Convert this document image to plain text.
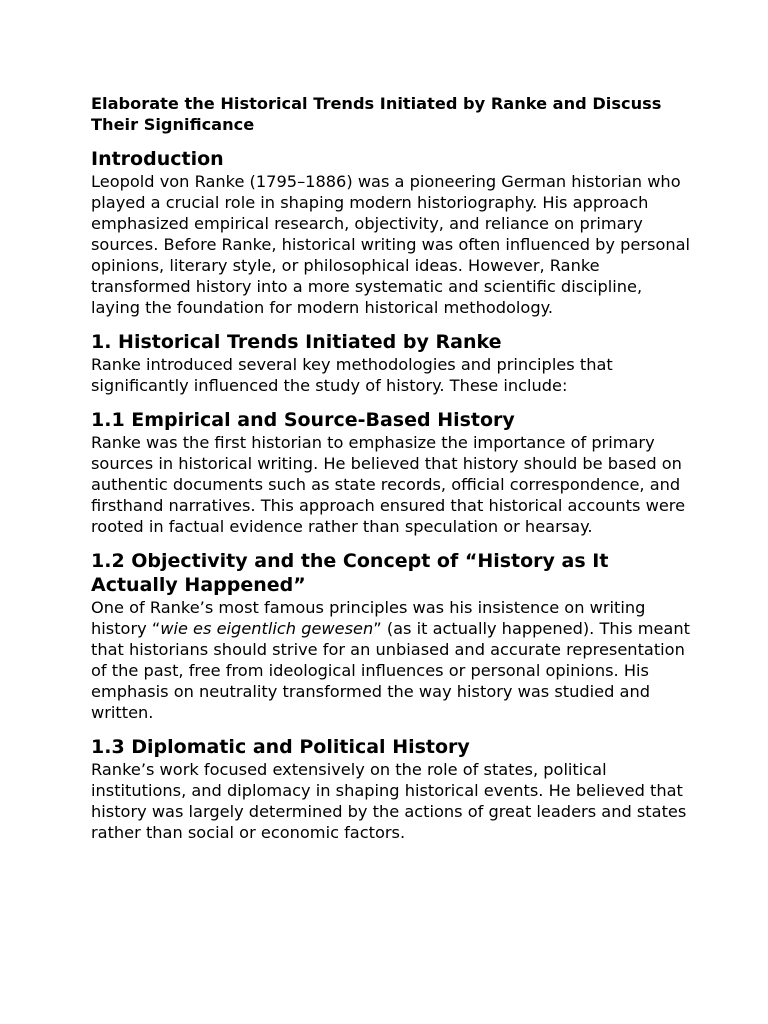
Elaborate the Historical Trends Initiated by Ranke and Discuss Their Significance
Introduction

Leopold von Ranke (1795–1886) was a pioneering German historian who played a crucial role in shaping modern historiography. His approach emphasized empirical research, objectivity, and reliance on primary sources. Before Ranke, historical writing was often influenced by personal opinions, literary style, or philosophical ideas. However, Ranke transformed history into a more systematic and scientific discipline, laying the foundation for modern historical methodology.

1. Historical Trends Initiated by Ranke

Ranke introduced several key methodologies and principles that significantly influenced the study of history. These include:

1.1 Empirical and Source-Based History

Ranke was the first historian to emphasize the importance of primary sources in historical writing. He believed that history should be based on authentic documents such as state records, official correspondence, and firsthand narratives. This approach ensured that historical accounts were rooted in factual evidence rather than speculation or hearsay.

1.2 Objectivity and the Concept of “History as It Actually Happened”

One of Ranke’s most famous principles was his insistence on writing history “wie es eigentlich gewesen” (as it actually happened). This meant that historians should strive for an unbiased and accurate representation of the past, free from ideological influences or personal opinions. His emphasis on neutrality transformed the way history was studied and written.

1.3 Diplomatic and Political History

Ranke’s work focused extensively on the role of states, political institutions, and diplomacy in shaping historical events. He believed that history was largely determined by the actions of great leaders and states rather than social or economic factors.
